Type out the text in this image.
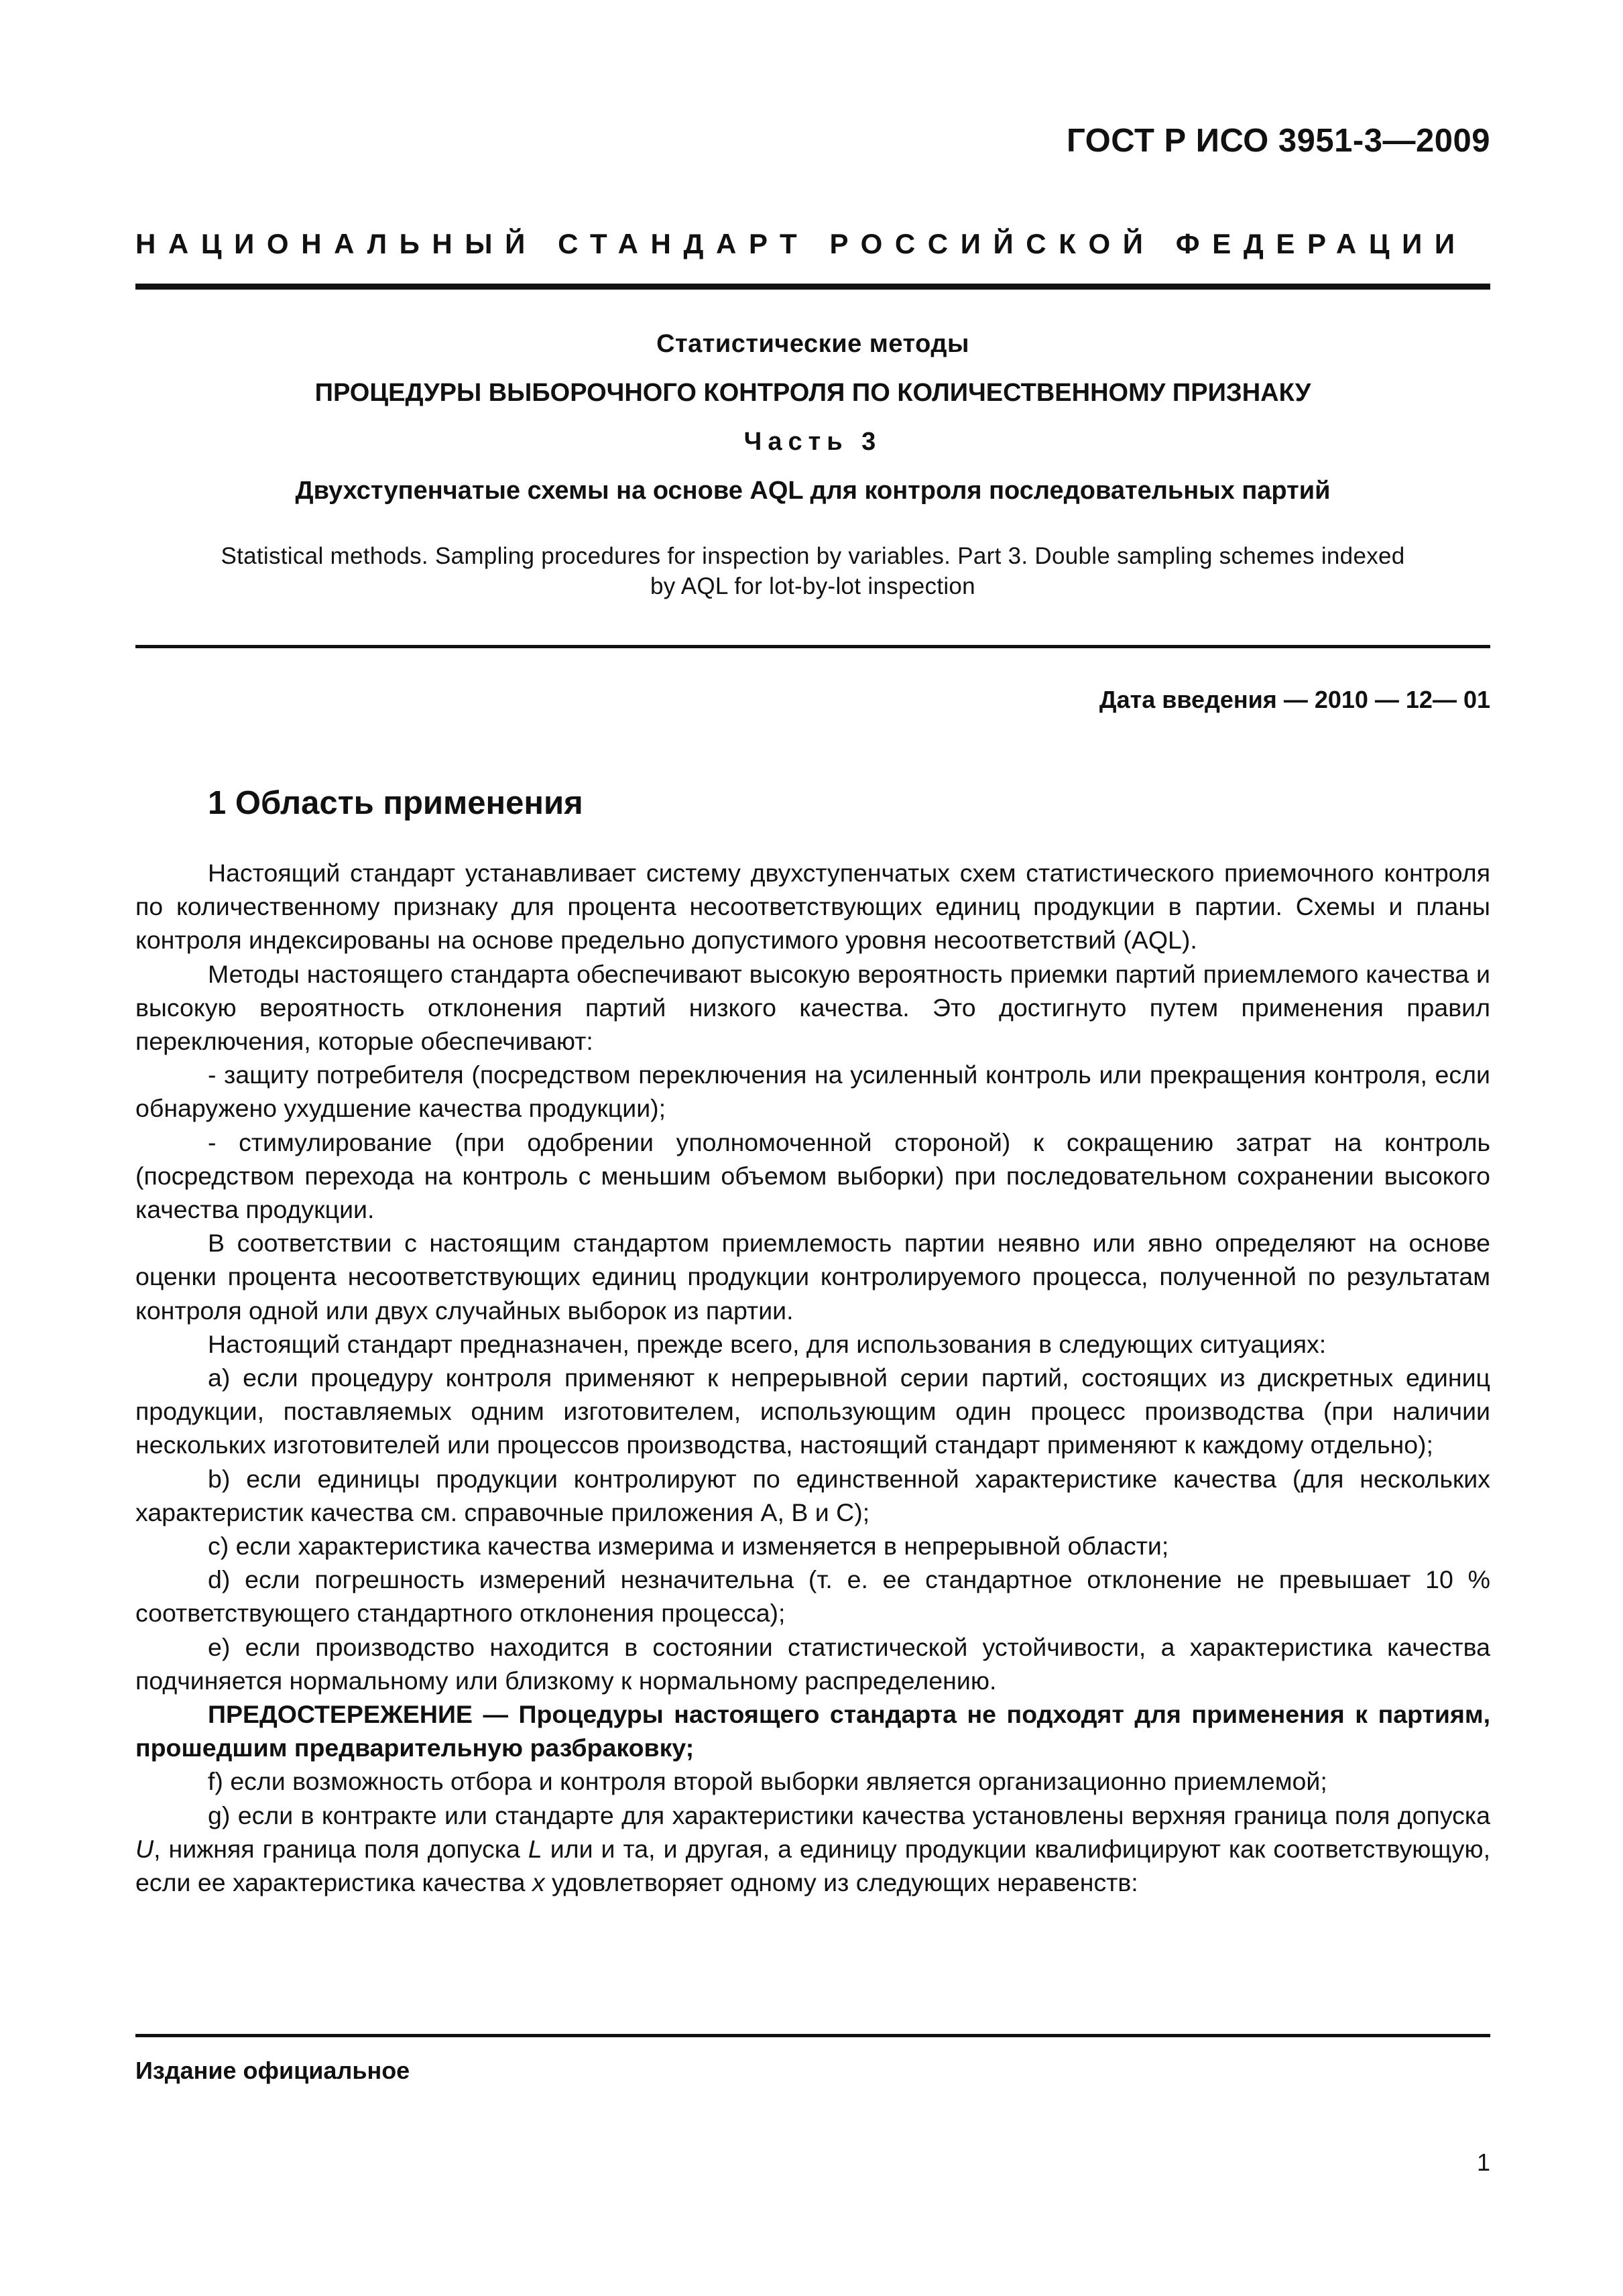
ГОСТ Р ИСО 3951-3—2009
НАЦИОНАЛЬНЫЙ СТАНДАРТ РОССИЙСКОЙ ФЕДЕРАЦИИ
Статистические методы
ПРОЦЕДУРЫ ВЫБОРОЧНОГО КОНТРОЛЯ ПО КОЛИЧЕСТВЕННОМУ ПРИЗНАКУ
Часть 3
Двухступенчатые схемы на основе AQL для контроля последовательных партий
Statistical methods. Sampling procedures for inspection by variables. Part 3. Double sampling schemes indexed by AQL for lot-by-lot inspection
Дата введения — 2010 — 12— 01
1 Область применения

Настоящий стандарт устанавливает систему двухступенчатых схем статистического приемочного контроля по количественному признаку для процента несоответствующих единиц продукции в партии. Схемы и планы контроля индексированы на основе предельно допустимого уровня несоответствий (AQL).

Методы настоящего стандарта обеспечивают высокую вероятность приемки партий приемлемого качества и высокую вероятность отклонения партий низкого качества. Это достигнуто путем применения правил переключения, которые обеспечивают:

- защиту потребителя (посредством переключения на усиленный контроль или прекращения контроля, если обнаружено ухудшение качества продукции);

- стимулирование (при одобрении уполномоченной стороной) к сокращению затрат на контроль (посредством перехода на контроль с меньшим объемом выборки) при последовательном сохранении высокого качества продукции.

В соответствии с настоящим стандартом приемлемость партии неявно или явно определяют на основе оценки процента несоответствующих единиц продукции контролируемого процесса, полученной по результатам контроля одной или двух случайных выборок из партии.

Настоящий стандарт предназначен, прежде всего, для использования в следующих ситуациях:

a) если процедуру контроля применяют к непрерывной серии партий, состоящих из дискретных единиц продукции, поставляемых одним изготовителем, использующим один процесс производства (при наличии нескольких изготовителей или процессов производства, настоящий стандарт применяют к каждому отдельно);

b) если единицы продукции контролируют по единственной характеристике качества (для нескольких характеристик качества см. справочные приложения A, B и C);

c) если характеристика качества измерима и изменяется в непрерывной области;

d) если погрешность измерений незначительна (т. е. ее стандартное отклонение не превышает 10 % соответствующего стандартного отклонения процесса);

e) если производство находится в состоянии статистической устойчивости, а характеристика качества подчиняется нормальному или близкому к нормальному распределению.

ПРЕДОСТЕРЕЖЕНИЕ — Процедуры настоящего стандарта не подходят для применения к партиям, прошедшим предварительную разбраковку;

f) если возможность отбора и контроля второй выборки является организационно приемлемой;

g) если в контракте или стандарте для характеристики качества установлены верхняя граница поля допуска U, нижняя граница поля допуска L или и та, и другая, а единицу продукции квалифицируют как соответствующую, если ее характеристика качества x удовлетворяет одному из следующих неравенств:

Издание официальное
1
